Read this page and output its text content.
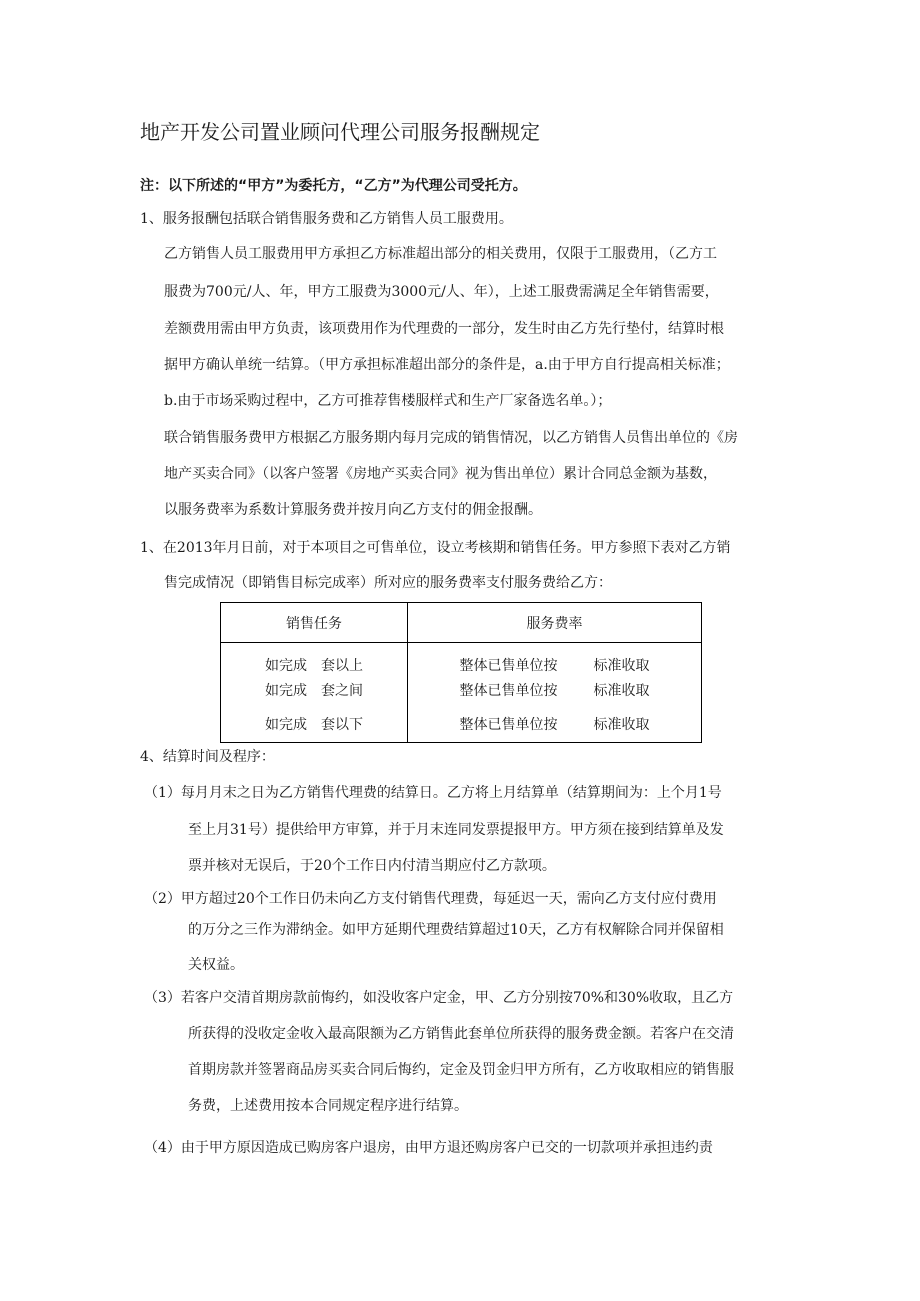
地产开发公司置业顾问代理公司服务报酬规定

注：以下所述的“甲方”为委托方，“乙方”为代理公司受托方。

1、服务报酬包括联合销售服务费和乙方销售人员工服费用。

乙方销售人员工服费用甲方承担乙方标准超出部分的相关费用，仅限于工服费用，（乙方工

服费为700元/人、年，甲方工服费为3000元/人、年），上述工服费需满足全年销售需要，

差额费用需由甲方负责，该项费用作为代理费的一部分，发生时由乙方先行垫付，结算时根

据甲方确认单统一结算。（甲方承担标准超出部分的条件是，a.由于甲方自行提高相关标准；

b.由于市场采购过程中，乙方可推荐售楼服样式和生产厂家备选名单。）；

联合销售服务费甲方根据乙方服务期内每月完成的销售情况，以乙方销售人员售出单位的《房

地产买卖合同》（以客户签署《房地产买卖合同》视为售出单位）累计合同总金额为基数，

以服务费率为系数计算服务费并按月向乙方支付的佣金报酬。

1、在2013年月日前，对于本项目之可售单位，设立考核期和销售任务。甲方参照下表对乙方销

售完成情况（即销售目标完成率）所对应的服务费率支付服务费给乙方：

销售任务	服务费率

如完成 套以上	整体已售单位按 标准收取

如完成 套之间	整体已售单位按 标准收取

如完成 套以下	整体已售单位按 标准收取

4、结算时间及程序：

（1）每月月末之日为乙方销售代理费的结算日。乙方将上月结算单（结算期间为：上个月1号

至上月31号）提供给甲方审算，并于月末连同发票提报甲方。甲方须在接到结算单及发

票并核对无误后，于20个工作日内付清当期应付乙方款项。

（2）甲方超过20个工作日仍未向乙方支付销售代理费，每延迟一天，需向乙方支付应付费用

的万分之三作为滞纳金。如甲方延期代理费结算超过10天，乙方有权解除合同并保留相

关权益。

（3）若客户交清首期房款前悔约，如没收客户定金，甲、乙方分别按70%和30%收取，且乙方

所获得的没收定金收入最高限额为乙方销售此套单位所获得的服务费金额。若客户在交清

首期房款并签署商品房买卖合同后悔约，定金及罚金归甲方所有，乙方收取相应的销售服

务费，上述费用按本合同规定程序进行结算。

（4）由于甲方原因造成已购房客户退房，由甲方退还购房客户已交的一切款项并承担违约责
